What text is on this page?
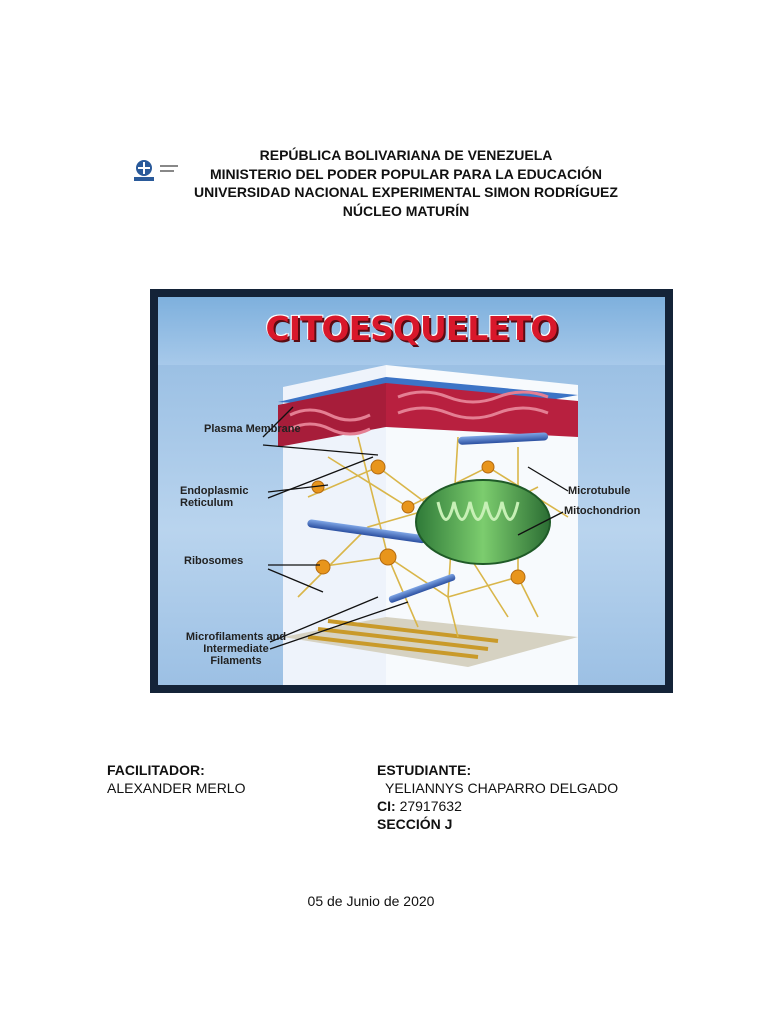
REPÚBLICA BOLIVARIANA DE VENEZUELA
MINISTERIO DEL PODER POPULAR PARA LA EDUCACIÓN
UNIVERSIDAD NACIONAL EXPERIMENTAL SIMON RODRÍGUEZ
NÚCLEO MATURÍN
CITOESQUELETO
Plasma Membrane
Endoplasmic Reticulum
Ribosomes
Microfilaments and Intermediate Filaments
Microtubule
Mitochondrion
FACILITADOR:
ALEXANDER MERLO
ESTUDIANTE:
YELIANNYS CHAPARRO DELGADO
CI: 27917632
SECCIÓN J
05 de Junio de 2020
